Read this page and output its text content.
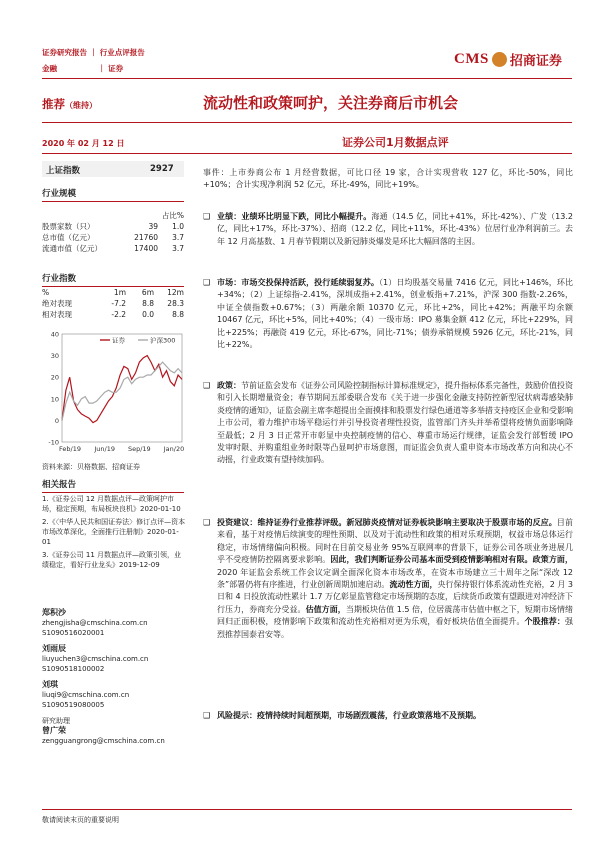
证券研究报告 ｜ 行业点评报告
金融	｜ 证券
CMS 招商证券
推荐（维持）	流动性和政策呵护，关注券商后市机会
2020 年 02 月 12 日	证券公司1月数据点评
上证指数	2927
行业规模
占比%
股票家数（只）	39	1.0
总市值（亿元）	21760	3.7
流通市值（亿元）	17400	3.7
行业指数
%	1m	6m	12m
绝对表现	-7.2	8.8	28.3
相对表现	-2.2	0.0	8.8
40
30
20
10
0
-10
Feb/19 Jun/19 Sep/19 Jan/20
证券	沪深300
资料来源：贝格数据、招商证券
相关报告
1.《证券公司 12 月数据点评—政策呵护市场，稳定预期，布局板块良机》2020-01-10
2.《〈中华人民共和国证券法〉修订点评—资本市场改革深化，全面推行注册制》2020-01-01
3.《证券公司 11 月数据点评—政策引领，业绩稳定，看好行业龙头》2019-12-09
郑积沙
zhengjisha@cmschina.com.cn
S1090516020001
刘雨辰
liuyuchen3@cmschina.com.cn
S1090518100002
刘琪
liuqi9@cmschina.com.cn
S1090519080005
研究助理
曾广荣
zengguangrong@cmschina.com.cn
事件：上市券商公布 1 月经营数据，可比口径 19 家，合计实现营收 127 亿，环比-50%，同比+10%；合计实现净利润 52 亿元，环比-49%，同比+19%。
❑ 业绩：业绩环比明显下跌，同比小幅提升。海通（14.5 亿，同比+41%，环比-42%）、广发（13.2 亿，同比+17%，环比-37%）、招商（12.2 亿，同比+11%，环比-43%）位居行业净利润前三。去年 12 月高基数、1 月春节假期以及新冠肺炎爆发是环比大幅回落的主因。
❑ 市场：市场交投保持活跃，投行延续弱复苏。（1）日均股基交易量 7416 亿元，同比+146%，环比+34%；（2）上证综指-2.41%，深圳成指+2.41%，创业板指+7.21%，沪深 300 指数-2.26%，中证全债指数+0.67%；（3）两融余额 10370 亿元，环比+2%，同比+42%；两融平均余额 10467 亿元，环比+5%，同比+40%；（4）一级市场：IPO 募集金额 412 亿元，环比+229%，同比+225%；再融资 419 亿元，环比-67%，同比-71%；债券承销规模 5926 亿元，环比-21%，同比+22%。
❑ 政策：节前证监会发布《证券公司风险控制指标计算标准规定》，提升指标体系完备性，鼓励价值投资和引入长期增量资金；春节期间五部委联合发布《关于进一步强化金融支持防控新型冠状病毒感染肺炎疫情的通知》，证监会副主席李超提出全面摸排和股票发行绿色通道等多举措支持疫区企业和受影响上市公司，着力维护市场平稳运行并引导投资者理性投资，监管部门齐头并举希望将疫情负面影响降至最低；2 月 3 日正常开市彰显中央控制疫情的信心、尊重市场运行规律，证监会发行部暂缓 IPO 发审时限、并购重组业务时限等凸显呵护市场意图，而证监会负责人重申资本市场改革方向和决心不动摇，行业政策有望持续加码。
❑ 投资建议：维持证券行业推荐评级。新冠肺炎疫情对证券板块影响主要取决于股票市场的反应。目前来看，基于对疫情后续演变的理性预期、以及对于流动性和政策的相对乐观预期，权益市场总体运行稳定，市场情绪偏向积极。同时在目前交易业务 95%互联网率的背景下，证券公司各项业务进展几乎不受疫情防控隔离要求影响。因此，我们判断证券公司基本面受到疫情影响相对有限。政策方面，2020 年证监会系统工作会议定调全面深化资本市场改革，在资本市场建立三十周年之际“深改 12 条”部署仍将有序推进，行业创新周期加速启动。流动性方面，央行保持银行体系流动性充裕，2 月 3 日和 4 日投放流动性累计 1.7 万亿彰显监管稳定市场预期的态度，后续货币政策有望跟进对冲经济下行压力，券商充分受益。估值方面，当期板块估值 1.5 倍，位居震荡市估值中枢之下，短期市场情绪回归正面积极，疫情影响下政策和流动性充裕相对更为乐观，看好板块估值全面提升。个股推荐：强烈推荐国泰君安等。
❑ 风险提示：疫情持续时间超预期，市场剧烈震荡，行业政策落地不及预期。
敬请阅读末页的重要说明
